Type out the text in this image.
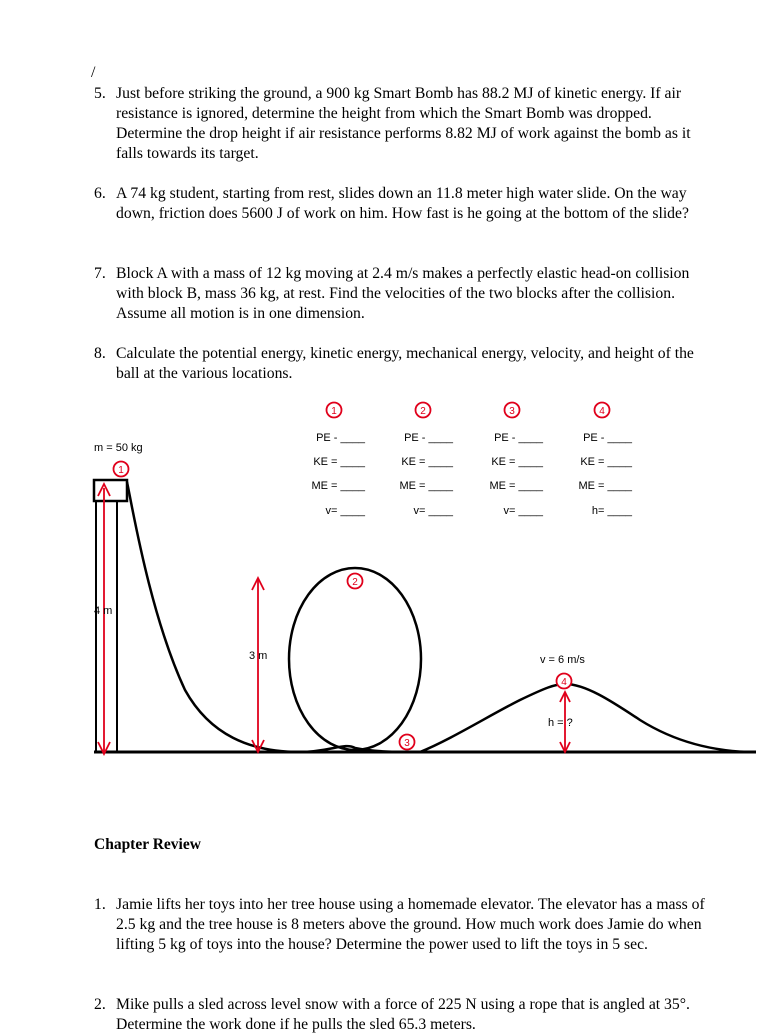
/

5. Just before striking the ground, a 900 kg Smart Bomb has 88.2 MJ of kinetic energy. If air resistance is ignored, determine the height from which the Smart Bomb was dropped. Determine the drop height if air resistance performs 8.82 MJ of work against the bomb as it falls towards its target.

6. A 74 kg student, starting from rest, slides down an 11.8 meter high water slide. On the way down, friction does 5600 J of work on him. How fast is he going at the bottom of the slide?

7. Block A with a mass of 12 kg moving at 2.4 m/s makes a perfectly elastic head-on collision with block B, mass 36 kg, at rest. Find the velocities of the two blocks after the collision. Assume all motion is in one dimension.

8. Calculate the potential energy, kinetic energy, mechanical energy, velocity, and height of the ball at the various locations.

m = 50 kg
4 m
3 m	v = 6 m/s
h = ?
1
2
3
4
1
PE - ____
KE = ____
ME = ____
v= ____
2
PE - ____
KE = ____
ME = ____
v= ____
3
PE - ____
KE = ____
ME = ____
v= ____
4
PE - ____
KE = ____
ME = ____
h= ____

Chapter Review

1. Jamie lifts her toys into her tree house using a homemade elevator. The elevator has a mass of 2.5 kg and the tree house is 8 meters above the ground. How much work does Jamie do when lifting 5 kg of toys into the house? Determine the power used to lift the toys in 5 sec.

2. Mike pulls a sled across level snow with a force of 225 N using a rope that is angled at 35°. Determine the work done if he pulls the sled 65.3 meters.
